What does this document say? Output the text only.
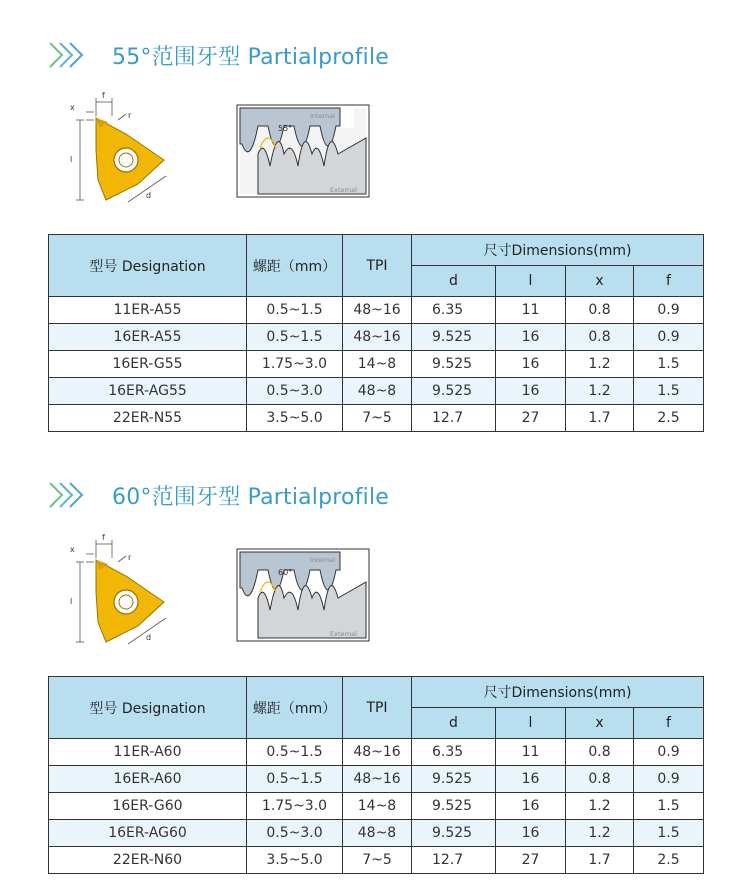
55°范围牙型 Partialprofile
x
f
r
l
d
Internal
External
55°
型号 Designation	螺距（mm）	TPI	尺寸Dimensions(mm)			
			d	l	x	f
11ER-A55	0.5~1.5	48~16	6.35	11	0.8	0.9
16ER-A55	0.5~1.5	48~16	9.525	16	0.8	0.9
16ER-G55	1.75~3.0	14~8	9.525	16	1.2	1.5
16ER-AG55	0.5~3.0	48~8	9.525	16	1.2	1.5
22ER-N55	3.5~5.0	7~5	12.7	27	1.7	2.5
60°范围牙型 Partialprofile
x
f
r
l
d
Internal
External
60°
型号 Designation	螺距（mm）	TPI	尺寸Dimensions(mm)			
			d	l	x	f
11ER-A60	0.5~1.5	48~16	6.35	11	0.8	0.9
16ER-A60	0.5~1.5	48~16	9.525	16	0.8	0.9
16ER-G60	1.75~3.0	14~8	9.525	16	1.2	1.5
16ER-AG60	0.5~3.0	48~8	9.525	16	1.2	1.5
22ER-N60	3.5~5.0	7~5	12.7	27	1.7	2.5
